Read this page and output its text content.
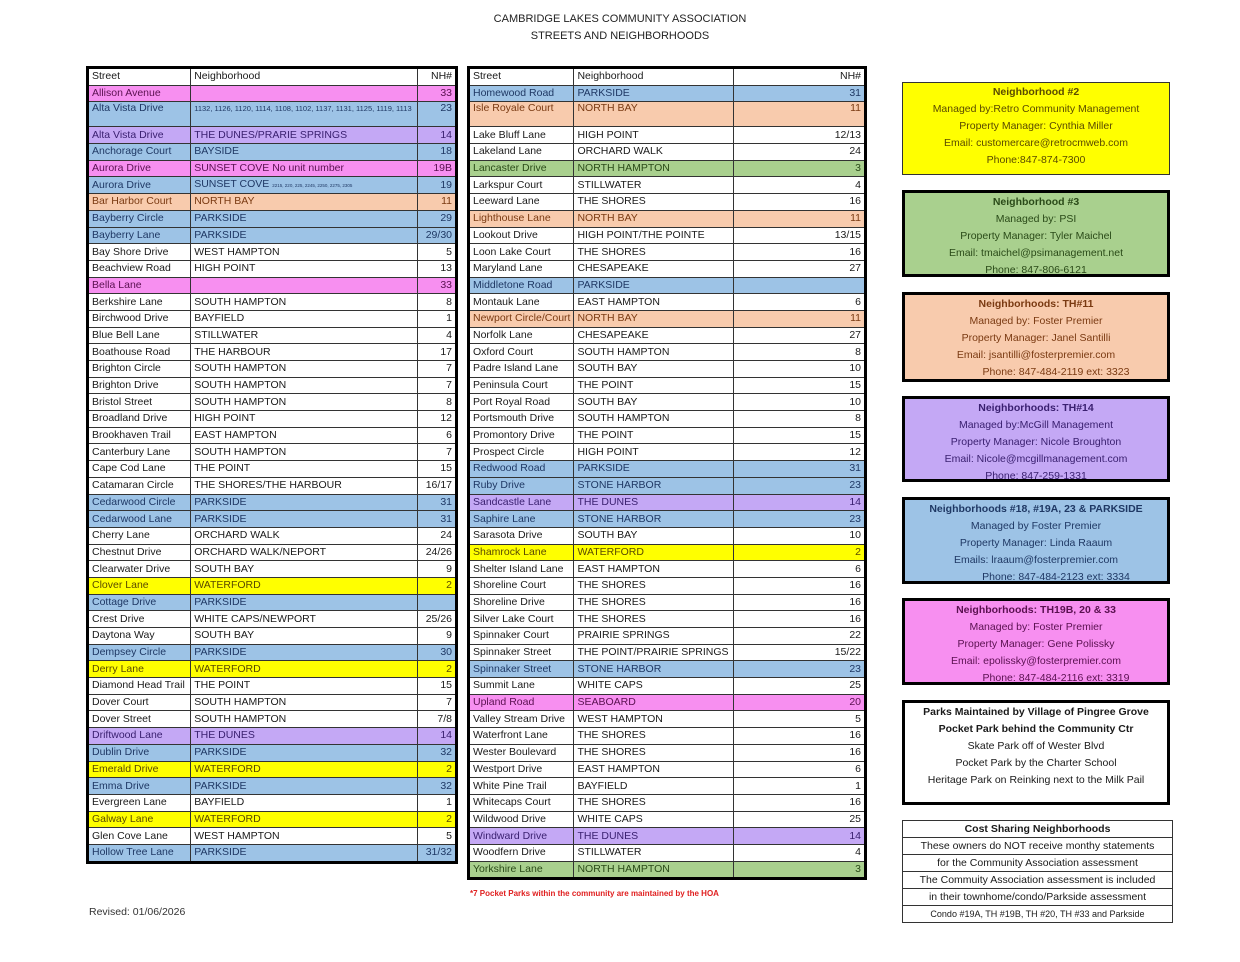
CAMBRIDGE LAKES COMMUNITY ASSOCIATION
STREETS AND NEIGHBORHOODS
Street	Neighborhood	NH#
Allison Avenue		33
Alta Vista Drive	1132, 1126, 1120, 1114, 1108, 1102, 1137, 1131, 1125, 1119, 1113	23
Alta Vista Drive	THE DUNES/PRARIE SPRINGS	14
Anchorage Court	BAYSIDE	18
Aurora Drive	SUNSET COVE No unit number	19B
Aurora Drive	SUNSET COVE 2215, 220, 225, 2245, 2250, 2275, 2305	19
Bar Harbor Court	NORTH BAY	11
Bayberry Circle	PARKSIDE	29
Bayberry Lane	PARKSIDE	29/30
Bay Shore Drive	WEST HAMPTON	5
Beachview Road	HIGH POINT	13
Bella Lane		33
Berkshire Lane	SOUTH HAMPTON	8
Birchwood Drive	BAYFIELD	1
Blue Bell Lane	STILLWATER	4
Boathouse Road	THE HARBOUR	17
Brighton Circle	SOUTH HAMPTON	7
Brighton Drive	SOUTH HAMPTON	7
Bristol Street	SOUTH HAMPTON	8
Broadland Drive	HIGH POINT	12
Brookhaven Trail	EAST HAMPTON	6
Canterbury Lane	SOUTH HAMPTON	7
Cape Cod Lane	THE POINT	15
Catamaran Circle	THE SHORES/THE HARBOUR	16/17
Cedarwood Circle	PARKSIDE	31
Cedarwood Lane	PARKSIDE	31
Cherry Lane	ORCHARD WALK	24
Chestnut Drive	ORCHARD WALK/NEPORT	24/26
Clearwater Drive	SOUTH BAY	9
Clover Lane	WATERFORD	2
Cottage Drive	PARKSIDE	
Crest Drive	WHITE CAPS/NEWPORT	25/26
Daytona Way	SOUTH BAY	9
Dempsey Circle	PARKSIDE	30
Derry Lane	WATERFORD	2
Diamond Head Trail	THE POINT	15
Dover Court	SOUTH HAMPTON	7
Dover Street	SOUTH HAMPTON	7/8
Driftwood Lane	THE DUNES	14
Dublin Drive	PARKSIDE	32
Emerald Drive	WATERFORD	2
Emma Drive	PARKSIDE	32
Evergreen Lane	BAYFIELD	1
Galway Lane	WATERFORD	2
Glen Cove Lane	WEST HAMPTON	5
Hollow Tree Lane	PARKSIDE	31/32
Street	Neighborhood	NH#
Homewood Road	PARKSIDE	31
Isle Royale Court	NORTH BAY	11
Lake Bluff Lane	HIGH POINT	12/13
Lakeland Lane	ORCHARD WALK	24
Lancaster Drive	NORTH HAMPTON	3
Larkspur Court	STILLWATER	4
Leeward Lane	THE SHORES	16
Lighthouse Lane	NORTH BAY	11
Lookout Drive	HIGH POINT/THE POINTE	13/15
Loon Lake Court	THE SHORES	16
Maryland Lane	CHESAPEAKE	27
Middletone Road	PARKSIDE	
Montauk Lane	EAST HAMPTON	6
Newport Circle/Court	NORTH BAY	11
Norfolk Lane	CHESAPEAKE	27
Oxford Court	SOUTH HAMPTON	8
Padre Island Lane	SOUTH BAY	10
Peninsula Court	THE POINT	15
Port Royal Road	SOUTH BAY	10
Portsmouth Drive	SOUTH HAMPTON	8
Promontory Drive	THE POINT	15
Prospect Circle	HIGH POINT	12
Redwood Road	PARKSIDE	31
Ruby Drive	STONE HARBOR	23
Sandcastle Lane	THE DUNES	14
Saphire Lane	STONE HARBOR	23
Sarasota Drive	SOUTH BAY	10
Shamrock Lane	WATERFORD	2
Shelter Island Lane	EAST HAMPTON	6
Shoreline Court	THE SHORES	16
Shoreline Drive	THE SHORES	16
Silver Lake Court	THE SHORES	16
Spinnaker Court	PRAIRIE SPRINGS	22
Spinnaker Street	THE POINT/PRAIRIE SPRINGS	15/22
Spinnaker Street	STONE HARBOR	23
Summit Lane	WHITE CAPS	25
Upland Road	SEABOARD	20
Valley Stream Drive	WEST HAMPTON	5
Waterfront Lane	THE SHORES	16
Wester Boulevard	THE SHORES	16
Westport Drive	EAST HAMPTON	6
White Pine Trail	BAYFIELD	1
Whitecaps Court	THE SHORES	16
Wildwood Drive	WHITE CAPS	25
Windward Drive	THE DUNES	14
Woodfern Drive	STILLWATER	4
Yorkshire Lane	NORTH HAMPTON	3
*7 Pocket Parks within the community are maintained by the HOA
Revised: 01/06/2026
Neighborhood #2
Managed by:Retro Community Management
Property Manager: Cynthia Miller
Email: customercare@retrocmweb.com
Phone:847-874-7300
Neighborhood #3
Managed by: PSI
Property Manager: Tyler Maichel
Email: tmaichel@psimanagement.net
Phone: 847-806-6121
Neighborhoods: TH#11
Managed by: Foster Premier
Property Manager: Janel Santilli
Email: jsantilli@fosterpremier.com
Phone: 847-484-2119 ext: 3323
Neighborhoods: TH#14
Managed by:McGill Management
Property Manager: Nicole Broughton
Email: Nicole@mcgillmanagement.com
Phone: 847-259-1331
Neighborhoods #18, #19A, 23 & PARKSIDE
Managed by Foster Premier
Property Manager: Linda Raaum
Emails: lraaum@fosterpremier.com
Phone: 847-484-2123 ext: 3334
Neighborhoods: TH19B, 20 & 33
Managed by: Foster Premier
Property Manager: Gene Polissky
Email: epolissky@fosterpremier.com
Phone: 847-484-2116 ext: 3319
Parks Maintained by Village of Pingree Grove
Pocket Park behind the Community Ctr
Skate Park off of Wester Blvd
Pocket Park by the Charter School
Heritage Park on Reinking next to the Milk Pail
Cost Sharing Neighborhoods
These owners do NOT receive monthy statements
for the Community Association assessment
The Commuity Association assessment is included
in their townhome/condo/Parkside assessment
Condo #19A, TH #19B, TH #20, TH #33 and Parkside
